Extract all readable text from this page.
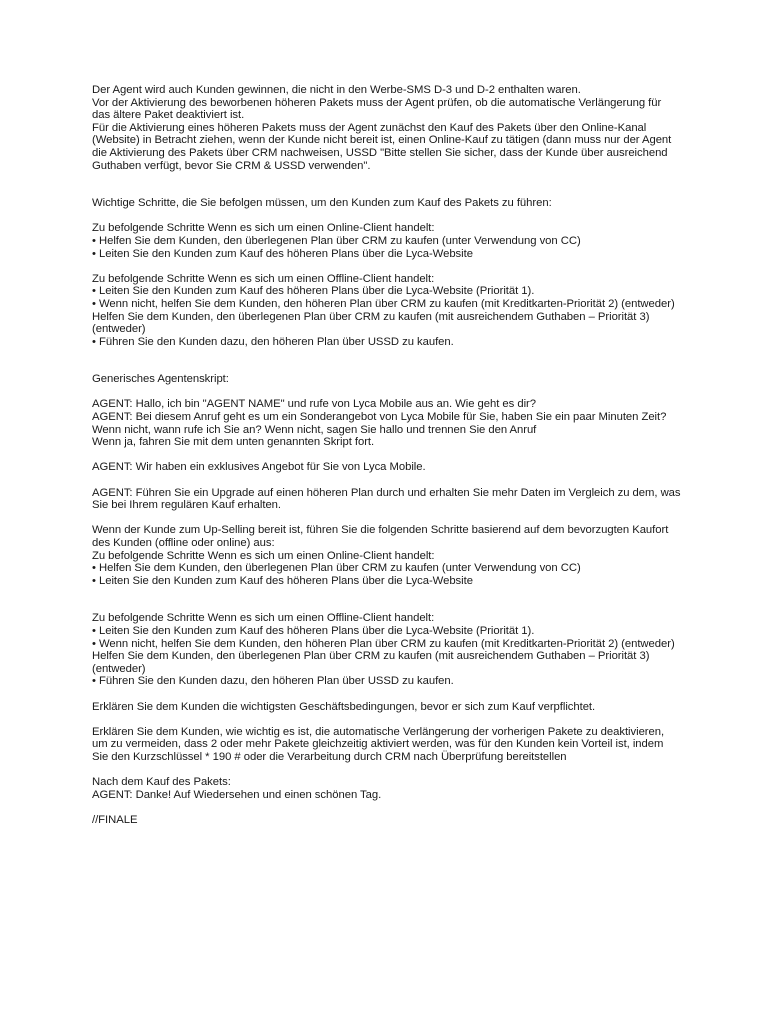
Der Agent wird auch Kunden gewinnen, die nicht in den Werbe-SMS D-3 und D-2 enthalten waren.
Vor der Aktivierung des beworbenen höheren Pakets muss der Agent prüfen, ob die automatische Verlängerung für das ältere Paket deaktiviert ist.
Für die Aktivierung eines höheren Pakets muss der Agent zunächst den Kauf des Pakets über den Online-Kanal (Website) in Betracht ziehen, wenn der Kunde nicht bereit ist, einen Online-Kauf zu tätigen (dann muss nur der Agent die Aktivierung des Pakets über CRM nachweisen, USSD "Bitte stellen Sie sicher, dass der Kunde über ausreichend Guthaben verfügt, bevor Sie CRM & USSD verwenden".

Wichtige Schritte, die Sie befolgen müssen, um den Kunden zum Kauf des Pakets zu führen:

Zu befolgende Schritte Wenn es sich um einen Online-Client handelt:
• Helfen Sie dem Kunden, den überlegenen Plan über CRM zu kaufen (unter Verwendung von CC)
• Leiten Sie den Kunden zum Kauf des höheren Plans über die Lyca-Website

Zu befolgende Schritte Wenn es sich um einen Offline-Client handelt:
• Leiten Sie den Kunden zum Kauf des höheren Plans über die Lyca-Website (Priorität 1).
• Wenn nicht, helfen Sie dem Kunden, den höheren Plan über CRM zu kaufen (mit Kreditkarten-Priorität 2) (entweder)
Helfen Sie dem Kunden, den überlegenen Plan über CRM zu kaufen (mit ausreichendem Guthaben – Priorität 3) (entweder)
• Führen Sie den Kunden dazu, den höheren Plan über USSD zu kaufen.

Generisches Agentenskript:

AGENT: Hallo, ich bin "AGENT NAME" und rufe von Lyca Mobile aus an. Wie geht es dir?
AGENT: Bei diesem Anruf geht es um ein Sonderangebot von Lyca Mobile für Sie, haben Sie ein paar Minuten Zeit?
Wenn nicht, wann rufe ich Sie an? Wenn nicht, sagen Sie hallo und trennen Sie den Anruf
Wenn ja, fahren Sie mit dem unten genannten Skript fort.

AGENT: Wir haben ein exklusives Angebot für Sie von Lyca Mobile.

AGENT: Führen Sie ein Upgrade auf einen höheren Plan durch und erhalten Sie mehr Daten im Vergleich zu dem, was Sie bei Ihrem regulären Kauf erhalten.

Wenn der Kunde zum Up-Selling bereit ist, führen Sie die folgenden Schritte basierend auf dem bevorzugten Kaufort des Kunden (offline oder online) aus:
Zu befolgende Schritte Wenn es sich um einen Online-Client handelt:
• Helfen Sie dem Kunden, den überlegenen Plan über CRM zu kaufen (unter Verwendung von CC)
• Leiten Sie den Kunden zum Kauf des höheren Plans über die Lyca-Website

Zu befolgende Schritte Wenn es sich um einen Offline-Client handelt:
• Leiten Sie den Kunden zum Kauf des höheren Plans über die Lyca-Website (Priorität 1).
• Wenn nicht, helfen Sie dem Kunden, den höheren Plan über CRM zu kaufen (mit Kreditkarten-Priorität 2) (entweder)
Helfen Sie dem Kunden, den überlegenen Plan über CRM zu kaufen (mit ausreichendem Guthaben – Priorität 3) (entweder)
• Führen Sie den Kunden dazu, den höheren Plan über USSD zu kaufen.

Erklären Sie dem Kunden die wichtigsten Geschäftsbedingungen, bevor er sich zum Kauf verpflichtet.

Erklären Sie dem Kunden, wie wichtig es ist, die automatische Verlängerung der vorherigen Pakete zu deaktivieren, um zu vermeiden, dass 2 oder mehr Pakete gleichzeitig aktiviert werden, was für den Kunden kein Vorteil ist, indem Sie den Kurzschlüssel * 190 # oder die Verarbeitung durch CRM nach Überprüfung bereitstellen

Nach dem Kauf des Pakets:
AGENT: Danke! Auf Wiedersehen und einen schönen Tag.

//FINALE
